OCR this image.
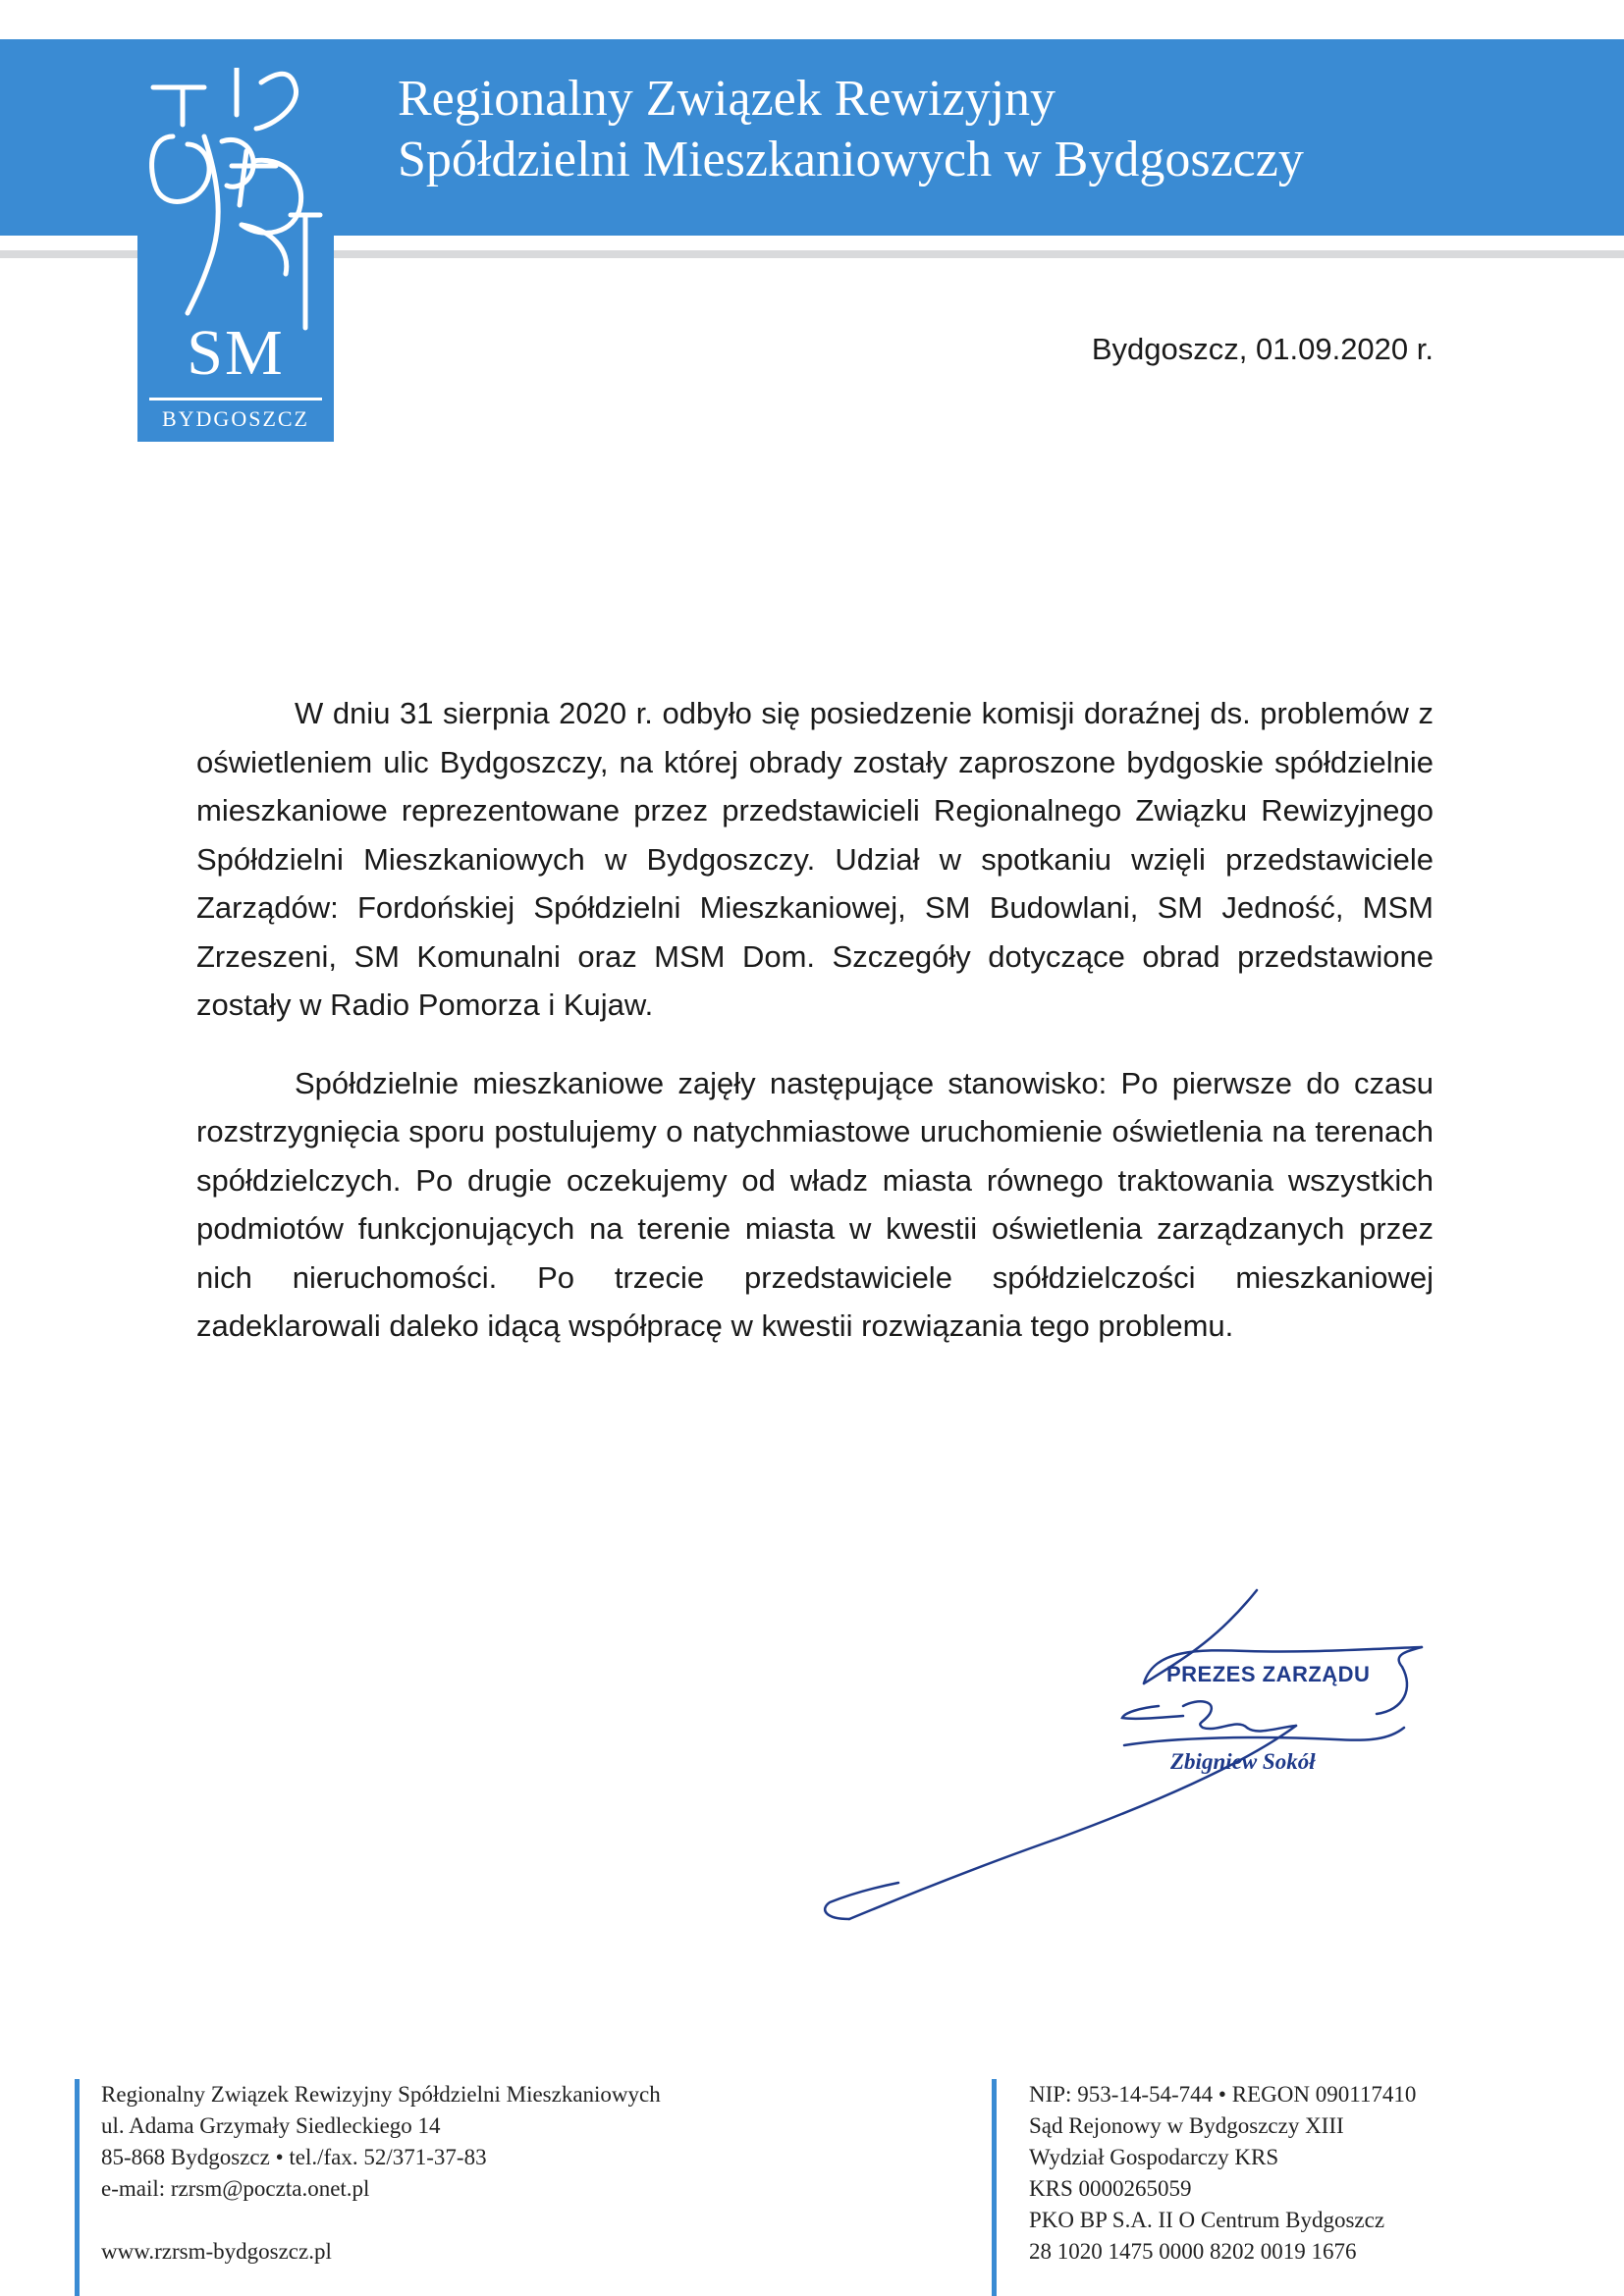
SM
BYDGOSZCZ
Regionalny Związek Rewizyjny
Spółdzielni Mieszkaniowych w Bydgoszczy
Bydgoszcz, 01.09.2020 r.

W dniu 31 sierpnia 2020 r. odbyło się posiedzenie komisji doraźnej ds. problemów z oświetleniem ulic Bydgoszczy, na której obrady zostały zaproszone bydgoskie spółdzielnie mieszkaniowe reprezentowane przez przedstawicieli Regionalnego Związku Rewizyjnego Spółdzielni Mieszkaniowych w Bydgoszczy. Udział w spotkaniu wzięli przedstawiciele Zarządów: Fordońskiej Spółdzielni Mieszkaniowej, SM Budowlani, SM Jedność, MSM Zrzeszeni, SM Komunalni oraz MSM Dom. Szczegóły dotyczące obrad przedstawione zostały w Radio Pomorza i Kujaw.

Spółdzielnie mieszkaniowe zajęły następujące stanowisko: Po pierwsze do czasu rozstrzygnięcia sporu postulujemy o natychmiastowe uruchomienie oświetlenia na terenach spółdzielczych. Po drugie oczekujemy od władz miasta równego traktowania wszystkich podmiotów funkcjonujących na terenie miasta w kwestii oświetlenia zarządzanych przez nich nieruchomości. Po trzecie przedstawiciele spółdzielczości mieszkaniowej zadeklarowali daleko idącą współpracę w kwestii rozwiązania tego problemu.

PREZES ZARZĄDU
Zbigniew Sokół
Regionalny Związek Rewizyjny Spółdzielni Mieszkaniowych
ul. Adama Grzymały Siedleckiego 14
85-868 Bydgoszcz • tel./fax. 52/371-37-83
e-mail: rzrsm@poczta.onet.pl
www.rzrsm-bydgoszcz.pl
NIP: 953-14-54-744 • REGON 090117410
Sąd Rejonowy w Bydgoszczy XIII
Wydział Gospodarczy KRS
KRS 0000265059
PKO BP S.A. II O Centrum Bydgoszcz
28 1020 1475 0000 8202 0019 1676
